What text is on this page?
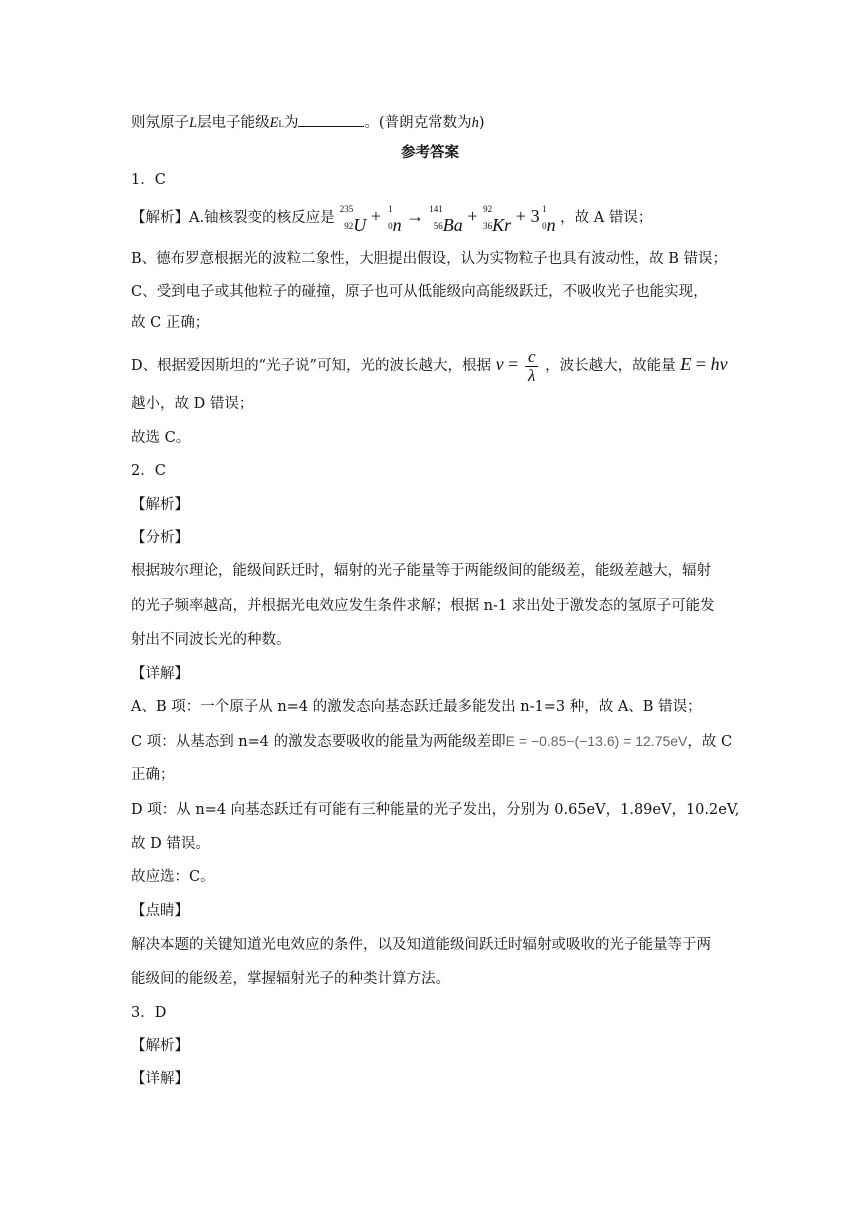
则氖原子L层电子能级EL为	。(普朗克常数为h)
参考答案
1．C
【解析】A.铀核裂变的核反应是
235
92 U + 1
0 n → 141
56 Ba + 92
36 Kr + 3 1
0 n ，故 A 错误；
B、德布罗意根据光的波粒二象性，大胆提出假设，认为实物粒子也具有波动性，故 B 错误；
C、受到电子或其他粒子的碰撞，原子也可从低能级向高能级跃迁，不吸收光子也能实现，
故 C 正确；
D、根据爱因斯坦的“光子说”可知，光的波长越大，根据 $v = \frac{c}{\lambda}$ ，波长越大，故能量 E = hν
越小，故 D 错误；
故选 C。
2．C
【解析】
【分析】
根据玻尔理论，能级间跃迁时，辐射的光子能量等于两能级间的能级差，能级差越大，辐射
的光子频率越高，并根据光电效应发生条件求解；根据 n-1 求出处于激发态的氢原子可能发
射出不同波长光的种数。
【详解】
A、B 项：一个原子从 n=4 的激发态向基态跃迁最多能发出 n-1=3 种，故 A、B 错误；
C 项：从基态到 n=4 的激发态要吸收的能量为两能级差即E = −0.85−(−13.6) = 12.75eV，故 C
正确；
D 项：从 n=4 向基态跃迁有可能有三种能量的光子发出，分别为 0.65eV，1.89eV，10.2eV,
故 D 错误。
故应选：C。
【点睛】
解决本题的关键知道光电效应的条件，以及知道能级间跃迁时辐射或吸收的光子能量等于两
能级间的能级差，掌握辐射光子的种类计算方法。
3．D
【解析】
【详解】
